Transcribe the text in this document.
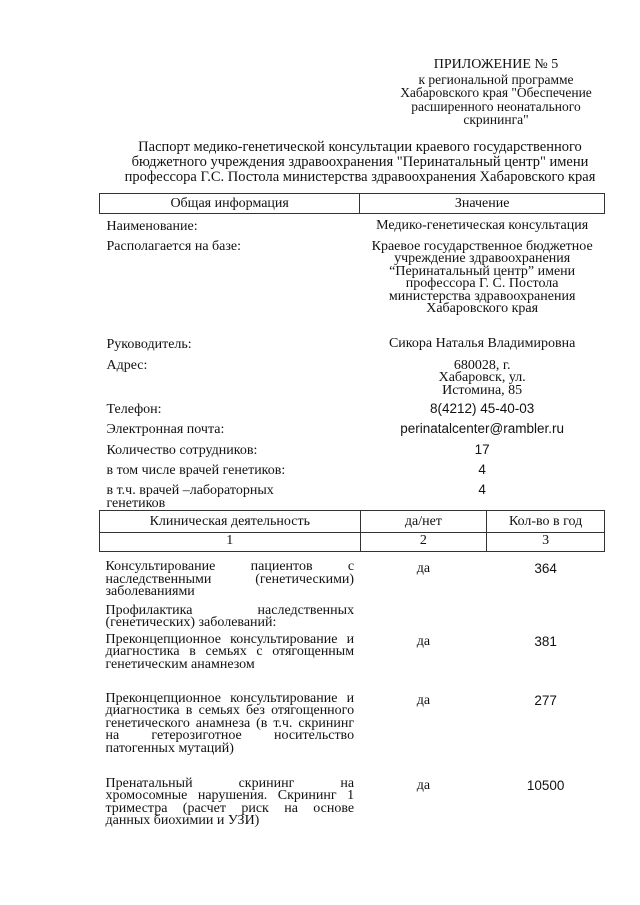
ПРИЛОЖЕНИЕ № 5
к региональной программе
Хабаровского края "Обеспечение
расширенного неонатального
скрининга"
Паспорт медико-генетической консультации краевого государственного
бюджетного учреждения здравоохранения "Перинатальный центр" имени
профессора Г.С. Постола министерства здравоохранения Хабаровского края
Общая информация	Значение
Наименование:	Медико-генетическая консультация
Располагается на базе:	Краевое государственное бюджетное учреждение здравоохранения “Перинатальный центр” имени профессора Г. С. Постола министерства здравоохранения Хабаровского края
Руководитель:	Сикора Наталья Владимировна
Адрес:	680028, г. Хабаровск, ул. Истомина, 85
Телефон:	8(4212) 45-40-03
Электронная почта:	perinatalcenter@rambler.ru
Количество сотрудников:	17
в том числе врачей генетиков:	4
в т.ч. врачей –лабораторных генетиков	4
Клиническая деятельность	да/нет	Кол-во в год
1	2	3
Консультирование пациентов с наследственными (генетическими) заболеваниями	да	364
Профилактика наследственных (генетических) заболеваний:		
Преконцепционное консультирование и диагностика в семьях с отягощенным генетическим анамнезом	да	381
Преконцепционное консультирование и диагностика в семьях без отягощенного генетического анамнеза (в т.ч. скрининг на гетерозиготное носительство патогенных мутаций)	да	277
Пренатальный скрининг на хромосомные нарушения. Скрининг 1 триместра (расчет риск на основе данных биохимии и УЗИ)	да	10500
